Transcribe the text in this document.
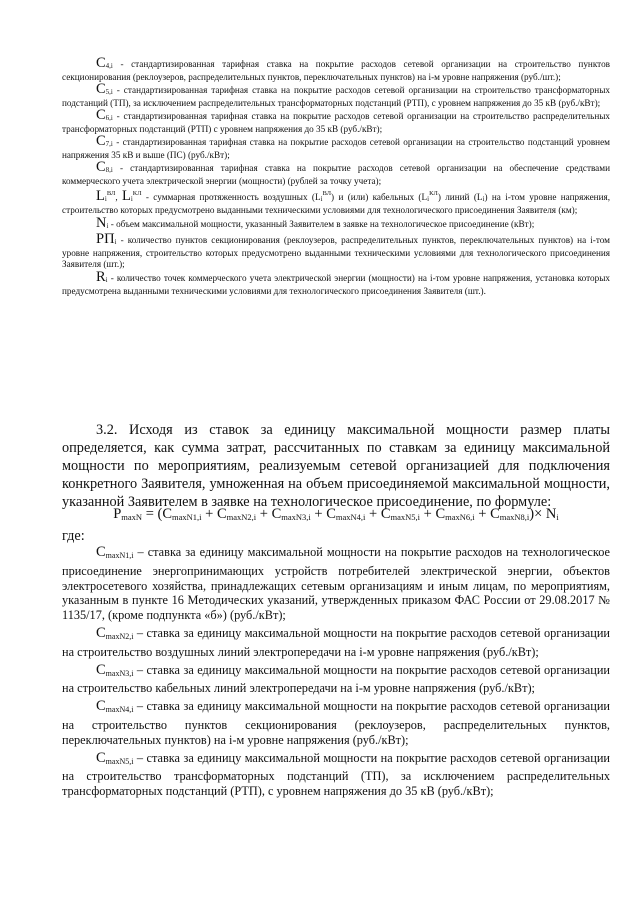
$C_{4,i}$ - стандартизированная тарифная ставка на покрытие расходов сетевой организации на строительство пунктов секционирования (реклоузеров, распределительных пунктов, переключательных пунктов) на i-м уровне напряжения (руб./шт.);

$C_{5,i}$ - стандартизированная тарифная ставка на покрытие расходов сетевой организации на строительство трансформаторных подстанций (ТП), за исключением распределительных трансформаторных подстанций (РТП), с уровнем напряжения до 35 кВ (руб./кВт);

$C_{6,i}$ - стандартизированная тарифная ставка на покрытие расходов сетевой организации на строительство распределительных трансформаторных подстанций (РТП) с уровнем напряжения до 35 кВ (руб./кВт);

$C_{7,i}$ - стандартизированная тарифная ставка на покрытие расходов сетевой организации на строительство подстанций уровнем напряжения 35 кВ и выше (ПС) (руб./кВт);

$C_{8,i}$ - стандартизированная тарифная ставка на покрытие расходов сетевой организации на обеспечение средствами коммерческого учета электрической энергии (мощности) (рублей за точку учета);

$L_i^{ВЛ}$, $L_i^{КЛ}$ - суммарная протяженность воздушных $(L_i^{ВЛ})$ и (или) кабельных $(L_i^{КЛ})$ линий $(L_i)$ на i-том уровне напряжения, строительство которых предусмотрено выданными техническими условиями для технологического присоединения Заявителя (км);

$N_i$ - объем максимальной мощности, указанный Заявителем в заявке на технологическое присоединение (кВт);

$РП_i$ - количество пунктов секционирования (реклоузеров, распределительных пунктов, переключательных пунктов) на i-том уровне напряжения, строительство которых предусмотрено выданными техническими условиями для технологического присоединения Заявителя (шт.);

$R_i$ - количество точек коммерческого учета электрической энергии (мощности) на i-том уровне напряжения, установка которых предусмотрена выданными техническими условиями для технологического присоединения Заявителя (шт.).

3.2. Исходя из ставок за единицу максимальной мощности размер платы определяется, как сумма затрат, рассчитанных по ставкам за единицу максимальной мощности по мероприятиям, реализуемым сетевой организацией для подключения конкретного Заявителя, умноженная на объем присоединяемой максимальной мощности, указанной Заявителем в заявке на технологическое присоединение, по формуле:

$P_{maxN} = (C_{maxN1,i} + C_{maxN2,i} + C_{maxN3,i} + C_{maxN4,i} + C_{maxN5,i} + C_{maxN6,i} + C_{maxN8,i})\times N_i$

где:

$C_{maxN1,i}$ – ставка за единицу максимальной мощности на покрытие расходов на технологическое присоединение энергопринимающих устройств потребителей электрической энергии, объектов электросетевого хозяйства, принадлежащих сетевым организациям и иным лицам, по мероприятиям, указанным в пункте 16 Методических указаний, утвержденных приказом ФАС России от 29.08.2017 № 1135/17, (кроме подпункта «б») (руб./кВт);

$C_{maxN2,i}$ – ставка за единицу максимальной мощности на покрытие расходов сетевой организации на строительство воздушных линий электропередачи на i-м уровне напряжения (руб./кВт);

$C_{maxN3,i}$ – ставка за единицу максимальной мощности на покрытие расходов сетевой организации на строительство кабельных линий электропередачи на i-м уровне напряжения (руб./кВт);

$C_{maxN4,i}$ – ставка за единицу максимальной мощности на покрытие расходов сетевой организации на строительство пунктов секционирования (реклоузеров, распределительных пунктов, переключательных пунктов) на i-м уровне напряжения (руб./кВт);

$C_{maxN5,i}$ – ставка за единицу максимальной мощности на покрытие расходов сетевой организации на строительство трансформаторных подстанций (ТП), за исключением распределительных трансформаторных подстанций (РТП), с уровнем напряжения до 35 кВ (руб./кВт);
